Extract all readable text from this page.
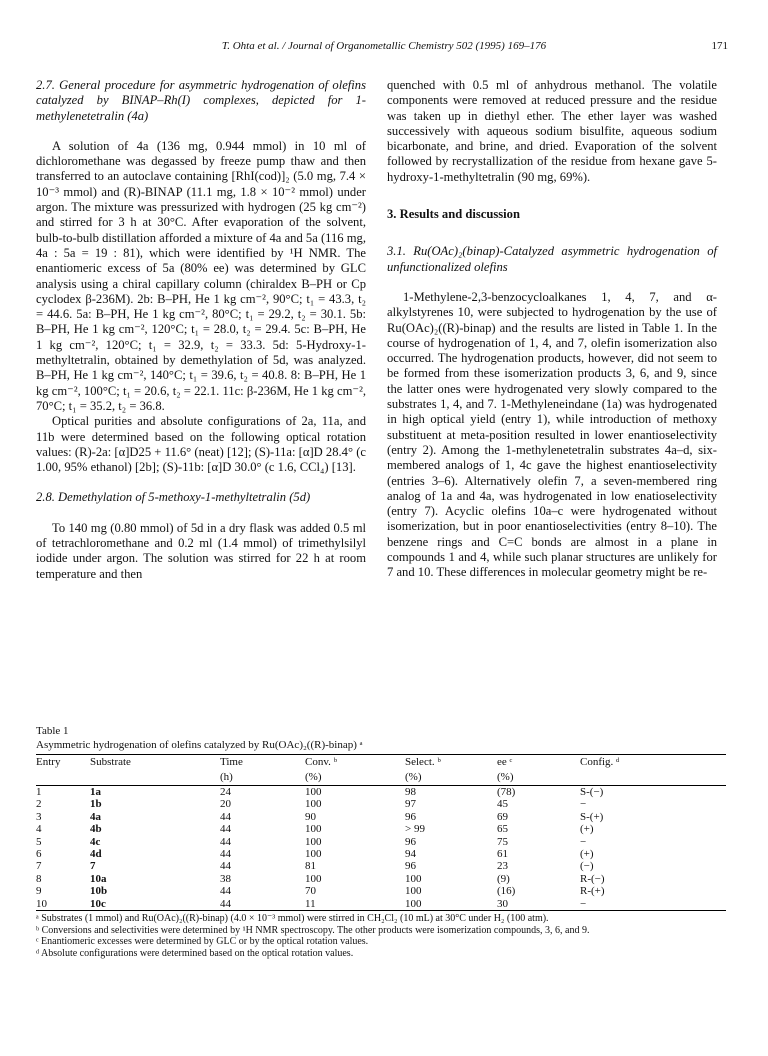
T. Ohta et al. / Journal of Organometallic Chemistry 502 (1995) 169–176	171

2.7. General procedure for asymmetric hydrogenation of olefins catalyzed by BINAP–Rh(I) complexes, depicted for 1-methylenetetralin (4a)

A solution of 4a (136 mg, 0.944 mmol) in 10 ml of dichloromethane was degassed by freeze pump thaw and then transferred to an autoclave containing [RhI(cod)]₂ (5.0 mg, 7.4 × 10⁻³ mmol) and (R)-BINAP (11.1 mg, 1.8 × 10⁻² mmol) under argon. The mixture was pressurized with hydrogen (25 kg cm⁻²) and stirred for 3 h at 30°C. After evaporation of the solvent, bulb-to-bulb distillation afforded a mixture of 4a and 5a (116 mg, 4a : 5a = 19 : 81), which were identified by ¹H NMR. The enantiomeric excess of 5a (80% ee) was determined by GLC analysis using a chiral capillary column (chiraldex B–PH or Cp cyclodex β-236M). 2b: B–PH, He 1 kg cm⁻², 90°C; t₁ = 43.3, t₂ = 44.6. 5a: B–PH, He 1 kg cm⁻², 80°C; t₁ = 29.2, t₂ = 30.1. 5b: B–PH, He 1 kg cm⁻², 120°C; t₁ = 28.0, t₂ = 29.4. 5c: B–PH, He 1 kg cm⁻², 120°C; t₁ = 32.9, t₂ = 33.3. 5d: 5-Hydroxy-1-methyltetralin, obtained by demethylation of 5d, was analyzed. B–PH, He 1 kg cm⁻², 140°C; t₁ = 39.6, t₂ = 40.8. 8: B–PH, He 1 kg cm⁻², 100°C; t₁ = 20.6, t₂ = 22.1. 11c: β-236M, He 1 kg cm⁻², 70°C; t₁ = 35.2, t₂ = 36.8.

Optical purities and absolute configurations of 2a, 11a, and 11b were determined based on the following optical rotation values: (R)-2a: [α]D25 + 11.6° (neat) [12]; (S)-11a: [α]D 28.4° (c 1.00, 95% ethanol) [2b]; (S)-11b: [α]D 30.0° (c 1.6, CCl₄) [13].

2.8. Demethylation of 5-methoxy-1-methyltetralin (5d)

To 140 mg (0.80 mmol) of 5d in a dry flask was added 0.5 ml of tetrachloromethane and 0.2 ml (1.4 mmol) of trimethylsilyl iodide under argon. The solution was stirred for 22 h at room temperature and then

quenched with 0.5 ml of anhydrous methanol. The volatile components were removed at reduced pressure and the residue was taken up in diethyl ether. The ether layer was washed successively with aqueous sodium bisulfite, aqueous sodium bicarbonate, and brine, and dried. Evaporation of the solvent followed by recrystallization of the residue from hexane gave 5-hydroxy-1-methyltetralin (90 mg, 69%).

3. Results and discussion

3.1. Ru(OAc)₂(binap)-Catalyzed asymmetric hydrogenation of unfunctionalized olefins

1-Methylene-2,3-benzocycloalkanes 1, 4, 7, and α-alkylstyrenes 10, were subjected to hydrogenation by the use of Ru(OAc)₂((R)-binap) and the results are listed in Table 1. In the course of hydrogenation of 1, 4, and 7, olefin isomerization also occurred. The hydrogenation products, however, did not seem to be formed from these isomerization products 3, 6, and 9, since the latter ones were hydrogenated very slowly compared to the substrates 1, 4, and 7. 1-Methyleneindane (1a) was hydrogenated in high optical yield (entry 1), while introduction of methoxy substituent at meta-position resulted in lower enantioselectivity (entry 2). Among the 1-methylenetetralin substrates 4a–d, six-membered analogs of 1, 4c gave the highest enantioselectivity (entries 3–6). Alternatively olefin 7, a seven-membered ring analog of 1a and 4a, was hydrogenated in low enatioselectivity (entry 7). Acyclic olefins 10a–c were hydrogenated without isomerization, but in poor enantioselectivities (entry 8–10). The benzene rings and C=C bonds are almost in a plane in compounds 1 and 4, while such planar structures are unlikely for 7 and 10. These differences in molecular geometry might be re-

Table 1
Asymmetric hydrogenation of olefins catalyzed by Ru(OAc)₂((R)-binap) ᵃ
Entry	Substrate	Time	Conv. ᵇ	Select. ᵇ	ee ᶜ	Config. ᵈ
		(h)	(%)	(%)	(%)	
1	1a	24	100	98	(78)	S-(−)
2	1b	20	100	97	45	−
3	4a	44	90	96	69	S-(+)
4	4b	44	100	> 99	65	(+)
5	4c	44	100	96	75	−
6	4d	44	100	94	61	(+)
7	7	44	81	96	23	(−)
8	10a	38	100	100	(9)	R-(−)
9	10b	44	70	100	(16)	R-(+)
10	10c	44	11	100	30	−
ᵃ Substrates (1 mmol) and Ru(OAc)₂((R)-binap) (4.0 × 10⁻³ mmol) were stirred in CH₂Cl₂ (10 mL) at 30°C under H₂ (100 atm).
ᵇ Conversions and selectivities were determined by ¹H NMR spectroscopy. The other products were isomerization compounds, 3, 6, and 9.
ᶜ Enantiomeric excesses were determined by GLC or by the optical rotation values.
ᵈ Absolute configurations were determined based on the optical rotation values.
